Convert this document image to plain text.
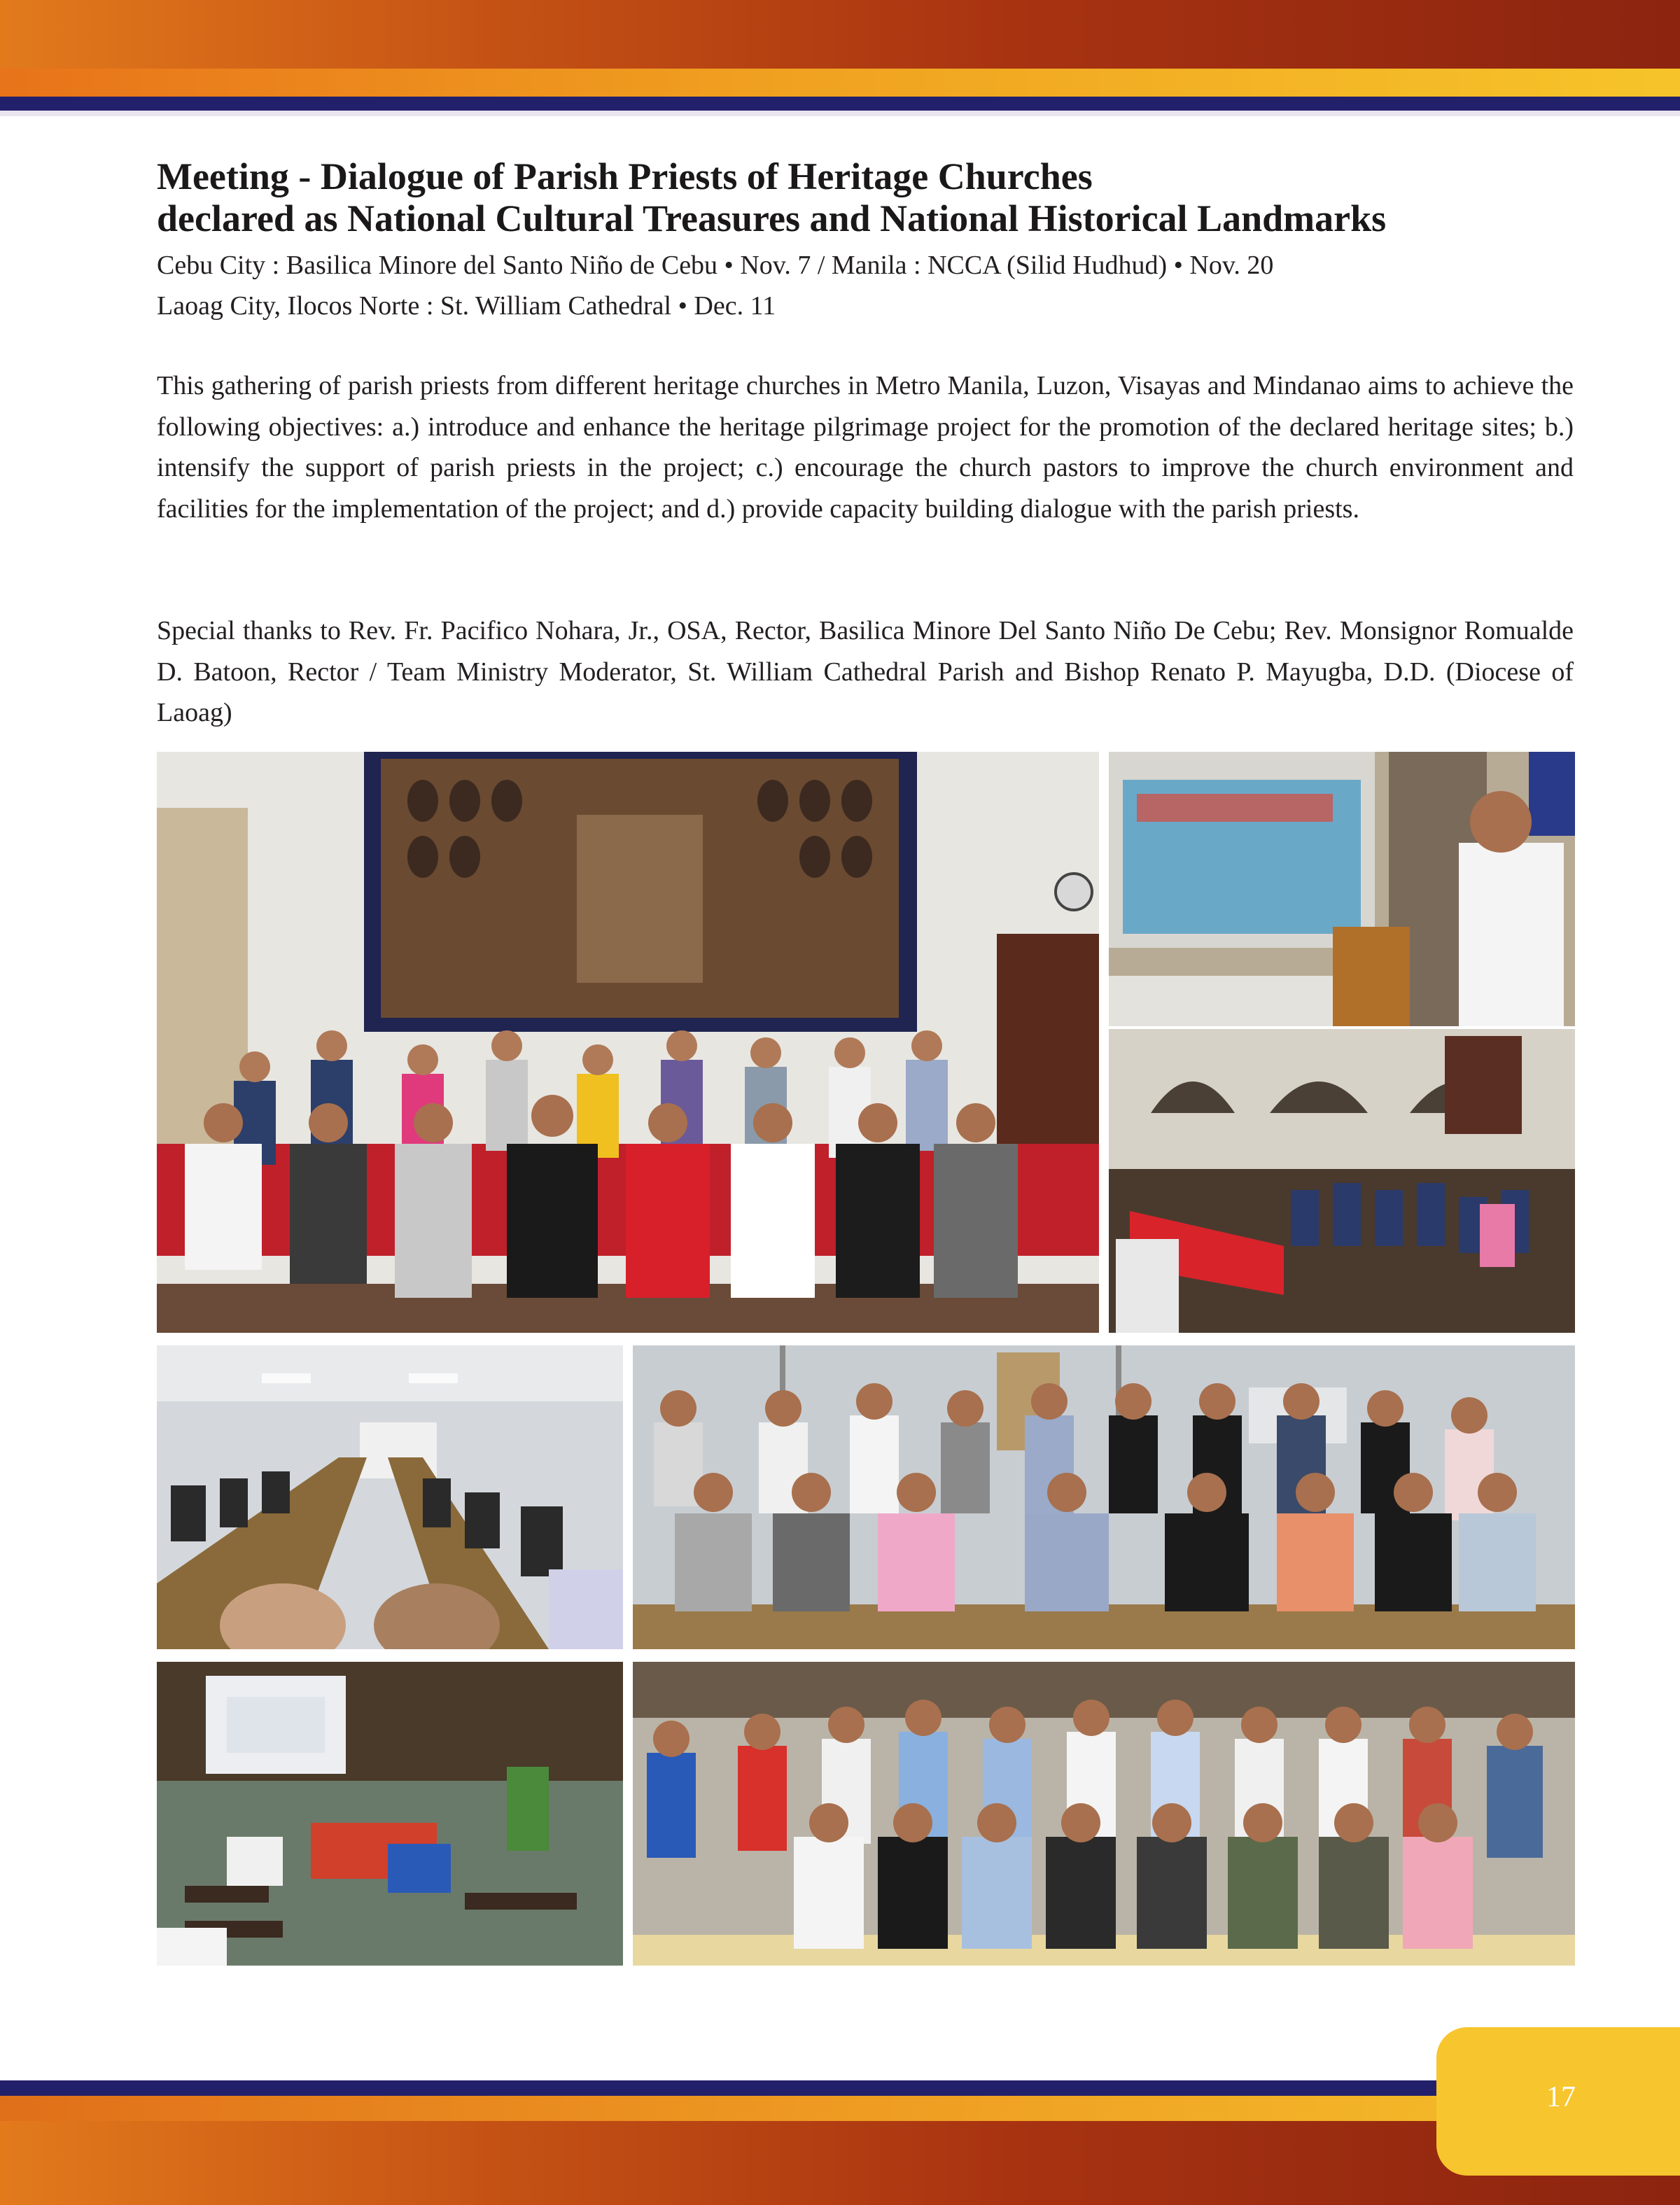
Meeting - Dialogue of Parish Priests of Heritage Churches
declared as National Cultural Treasures and National Historical Landmarks
Cebu City : Basilica Minore del Santo Niño de Cebu • Nov. 7 / Manila : NCCA (Silid Hudhud) • Nov. 20
Laoag City, Ilocos Norte : St. William Cathedral • Dec. 11

This gathering of parish priests from different heritage churches in Metro Manila, Luzon, Visayas and Mindanao aims to achieve the following objectives: a.) introduce and enhance the heritage pilgrimage project for the promotion of the declared heritage sites; b.) intensify the support of parish priests in the project; c.) encourage the church pastors to improve the church environment and facilities for the implementation of the project; and d.) provide capacity building dialogue with the parish priests.

Special thanks to Rev. Fr. Pacifico Nohara, Jr., OSA, Rector, Basilica Minore Del Santo Niño De Cebu; Rev. Monsignor Romualde D. Batoon, Rector / Team Ministry Moderator, St. William Cathedral Parish and Bishop Renato P. Mayugba, D.D. (Diocese of Laoag)

17
